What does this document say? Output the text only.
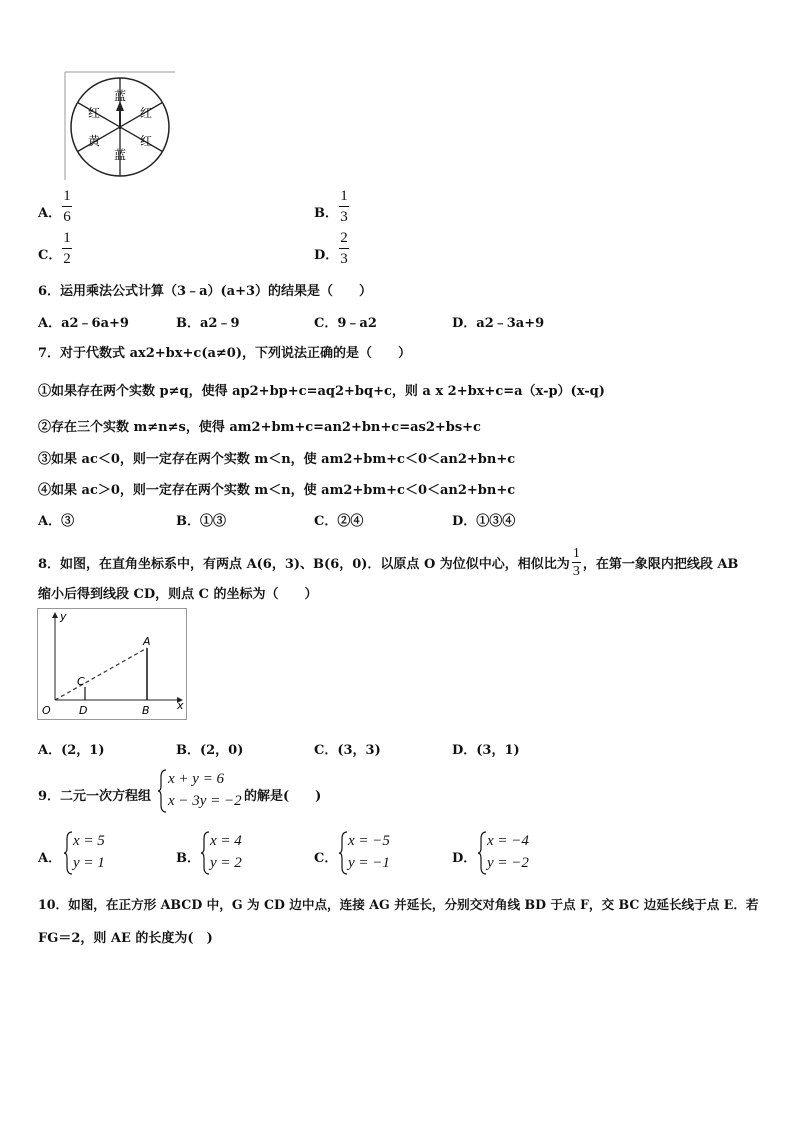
蓝
红
红
蓝
黄
红
A．
1
6	B．
1
3
C．
1
2	D．
2
3
6．运用乘法公式计算（3﹣a）(a+3）的结果是（　　）
A．a2﹣6a+9	B．a2﹣9	C．9﹣a2	D．a2﹣3a+9
7．对于代数式 ax2+bx+c(a≠0)，下列说法正确的是（　　）
①如果存在两个实数 p≠q，使得 ap2+bp+c=aq2+bq+c，则 a x 2+bx+c=a（x-p）(x-q)
②存在三个实数 m≠n≠s，使得 am2+bm+c=an2+bn+c=as2+bs+c
③如果 ac＜0，则一定存在两个实数 m＜n，使 am2+bm+c＜0＜an2+bn+c
④如果 ac＞0，则一定存在两个实数 m＜n，使 am2+bm+c＜0＜an2+bn+c
A．③	B．①③	C．②④	D．①③④
8．如图，在直角坐标系中，有两点 A(6，3)、B(6，0)．以原点 O 为位似中心，相似比为
1
3 ，在第一象限内把线段 AB
缩小后得到线段 CD，则点 C 的坐标为（　　）
y
x
A
C
O	D	B
A．(2，1)	B．(2，0)	C．(3，3)	D．(3，1)
9．二元一次方程组
x + y = 6
x − 3y = −2 的解是(　　)
A．
x = 5
y = 1	B．
x = 4
y = 2	C．
x = −5
y = −1	D．
x = −4
y = −2
10．如图，在正方形 ABCD 中，G 为 CD 边中点，连接 AG 并延长，分别交对角线 BD 于点 F，交 BC 边延长线于点 E．若
FG＝2，则 AE 的长度为(　)
